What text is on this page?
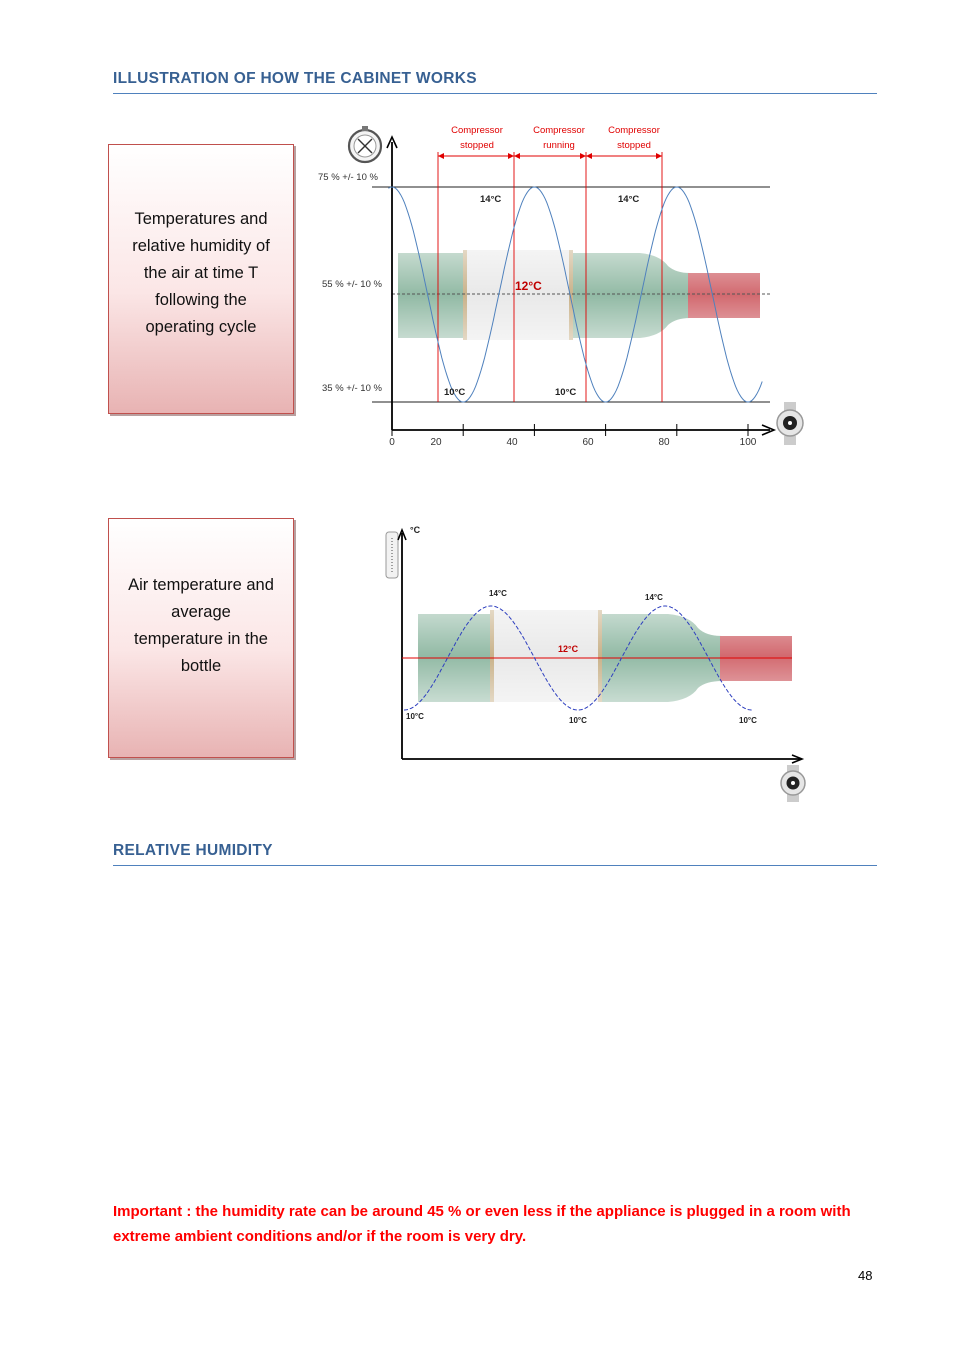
ILLUSTRATION OF HOW THE CABINET WORKS
Temperatures and
relative humidity of
the air at time T
following the
operating cycle
75 % +/- 10 %
55 % +/- 10 %
35 % +/- 10 %
Compressor
stopped
Compressor
running
Compressor
stopped
14°C	14°C
10°C	10°C
12°C
0	20	40	60	80	100
Air temperature and
average
temperature in the
bottle
°C
14°C	14°C
10°C	10°C	10°C
12°C
RELATIVE HUMIDITY
Important : the humidity rate can be around 45 % or even less if the appliance is plugged in a room with extreme ambient conditions and/or if the room is very dry.
48
